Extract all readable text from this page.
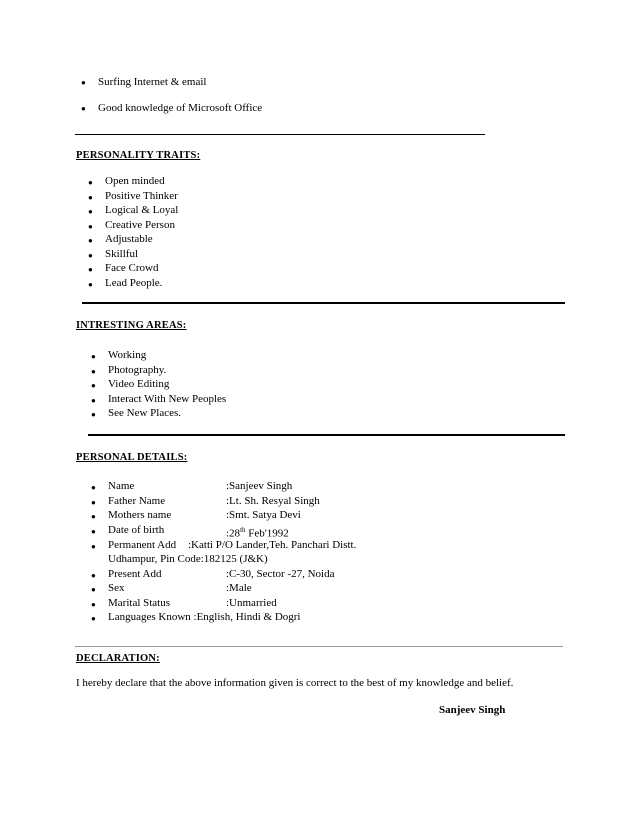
● Surfing Internet & email
● Good knowledge of Microsoft Office
PERSONALITY TRAITS:
● Open minded
● Positive Thinker
● Logical & Loyal
● Creative Person
● Adjustable
● Skillful
● Face Crowd
● Lead People.
INTRESTING AREAS:
● Working
● Photography.
● Video Editing
● Interact With New Peoples
● See New Places.
PERSONAL DETAILS:
● Name	:Sanjeev Singh
● Father Name	:Lt. Sh. Resyal Singh
● Mothers name	:Smt. Satya Devi
● Date of birth	:28th Feb'1992
● Permanent Add :Katti P/O Lander,Teh. Panchari Distt.
Udhampur, Pin Code:182125 (J&K)
● Present Add	:C-30, Sector -27, Noida
● Sex	:Male
● Marital Status	:Unmarried
● Languages Known :English, Hindi & Dogri
DECLARATION:
I hereby declare that the above information given is correct to the best of my knowledge and belief.
Sanjeev Singh
